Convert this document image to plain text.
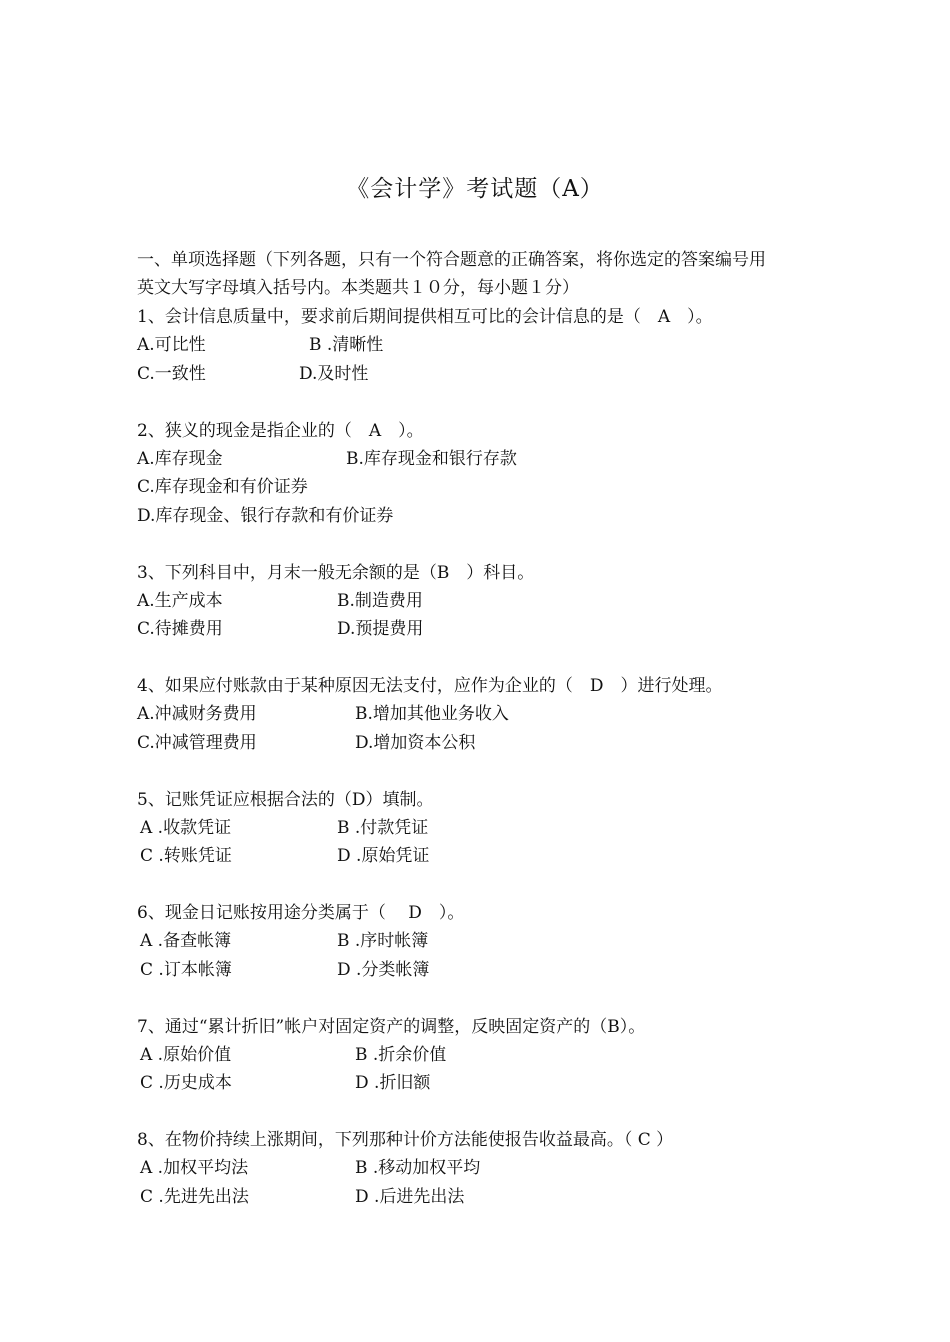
《会计学》考试题（A）
一、单项选择题（下列各题，只有一个符合题意的正确答案，将你选定的答案编号用
英文大写字母填入括号内。本类题共１０分，每小题１分）
1、会计信息质量中，要求前后期间提供相互可比的会计信息的是（　A　）。
A.可比性	B .清晰性
C.一致性	D.及时性
2、狭义的现金是指企业的（　A　）。
A.库存现金	B.库存现金和银行存款
C.库存现金和有价证券
D.库存现金、银行存款和有价证券
3、下列科目中，月末一般无余额的是（B　）科目。
A.生产成本	B.制造费用
C.待摊费用	D.预提费用
4、如果应付账款由于某种原因无法支付，应作为企业的（　D　）进行处理。
A.冲减财务费用	B.增加其他业务收入
C.冲减管理费用	D.增加资本公积
5、记账凭证应根据合法的（D）填制。
A .收款凭证	B .付款凭证
C .转账凭证	D .原始凭证
6、现金日记账按用途分类属于（　 D　）。
A .备查帐簿	B .序时帐簿
C .订本帐簿	D .分类帐簿
7、通过“累计折旧”帐户对固定资产的调整，反映固定资产的（B）。
A .原始价值	B .折余价值
C .历史成本	D .折旧额
8、在物价持续上涨期间，下列那种计价方法能使报告收益最高。（ C ）
A .加权平均法	B .移动加权平均
C .先进先出法	D .后进先出法
